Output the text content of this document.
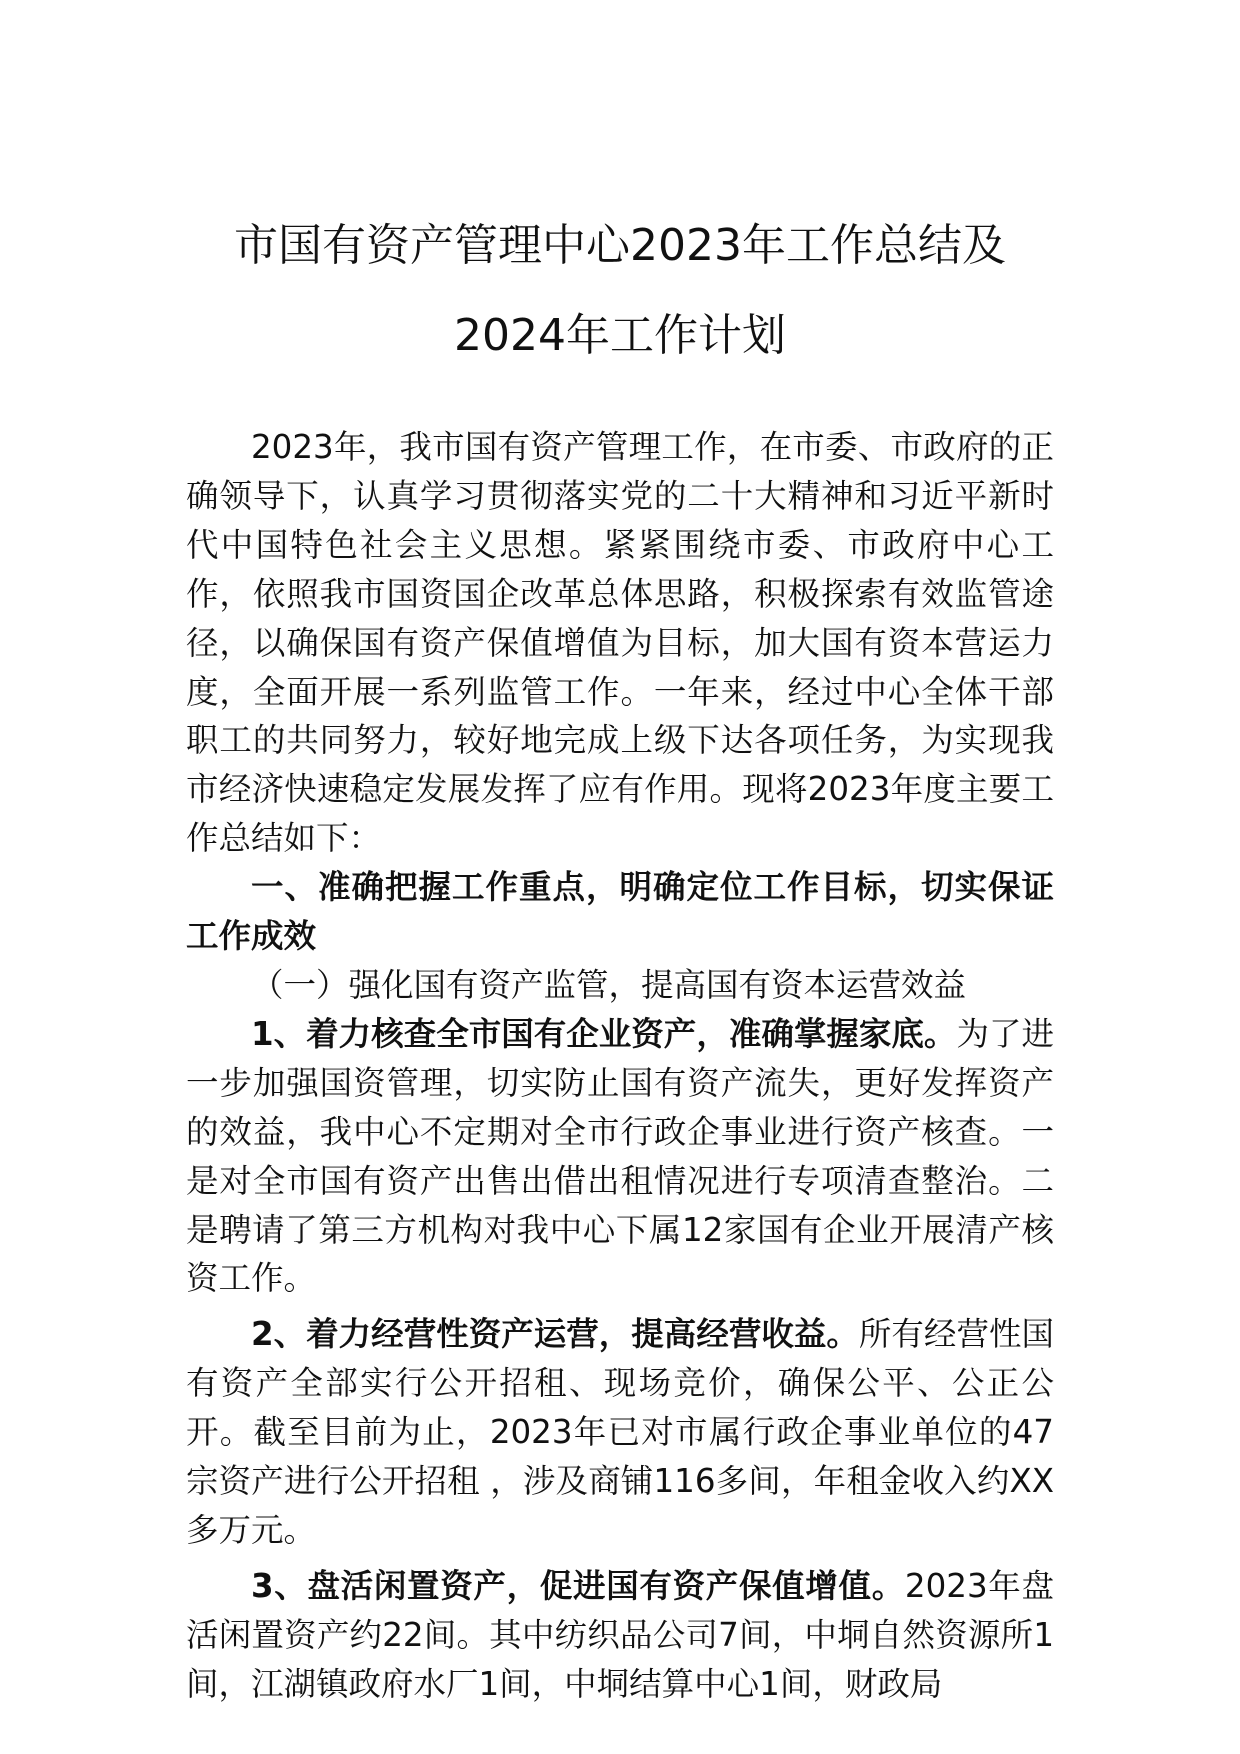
市国有资产管理中心2023年工作总结及
2024年工作计划

2023年，我市国有资产管理工作，在市委、市政府的正确领导下，认真学习贯彻落实党的二十大精神和习近平新时代中国特色社会主义思想。紧紧围绕市委、市政府中心工作，依照我市国资国企改革总体思路，积极探索有效监管途径，以确保国有资产保值增值为目标，加大国有资本营运力度，全面开展一系列监管工作。一年来，经过中心全体干部职工的共同努力，较好地完成上级下达各项任务，为实现我市经济快速稳定发展发挥了应有作用。现将2023年度主要工作总结如下：

一、准确把握工作重点，明确定位工作目标，切实保证工作成效

（一）强化国有资产监管，提高国有资本运营效益

1、着力核查全市国有企业资产，准确掌握家底。为了进一步加强国资管理，切实防止国有资产流失，更好发挥资产的效益，我中心不定期对全市行政企事业进行资产核查。一是对全市国有资产出售出借出租情况进行专项清查整治。二是聘请了第三方机构对我中心下属12家国有企业开展清产核资工作。

2、着力经营性资产运营，提高经营收益。所有经营性国有资产全部实行公开招租、现场竞价，确保公平、公正公开。截至目前为止，2023年已对市属行政企事业单位的47宗资产进行公开招租 ，涉及商铺116多间，年租金收入约XX多万元。

3、盘活闲置资产，促进国有资产保值增值。2023年盘活闲置资产约22间。其中纺织品公司7间，中垌自然资源所1间，江湖镇政府水厂1间，中垌结算中心1间，财政局
